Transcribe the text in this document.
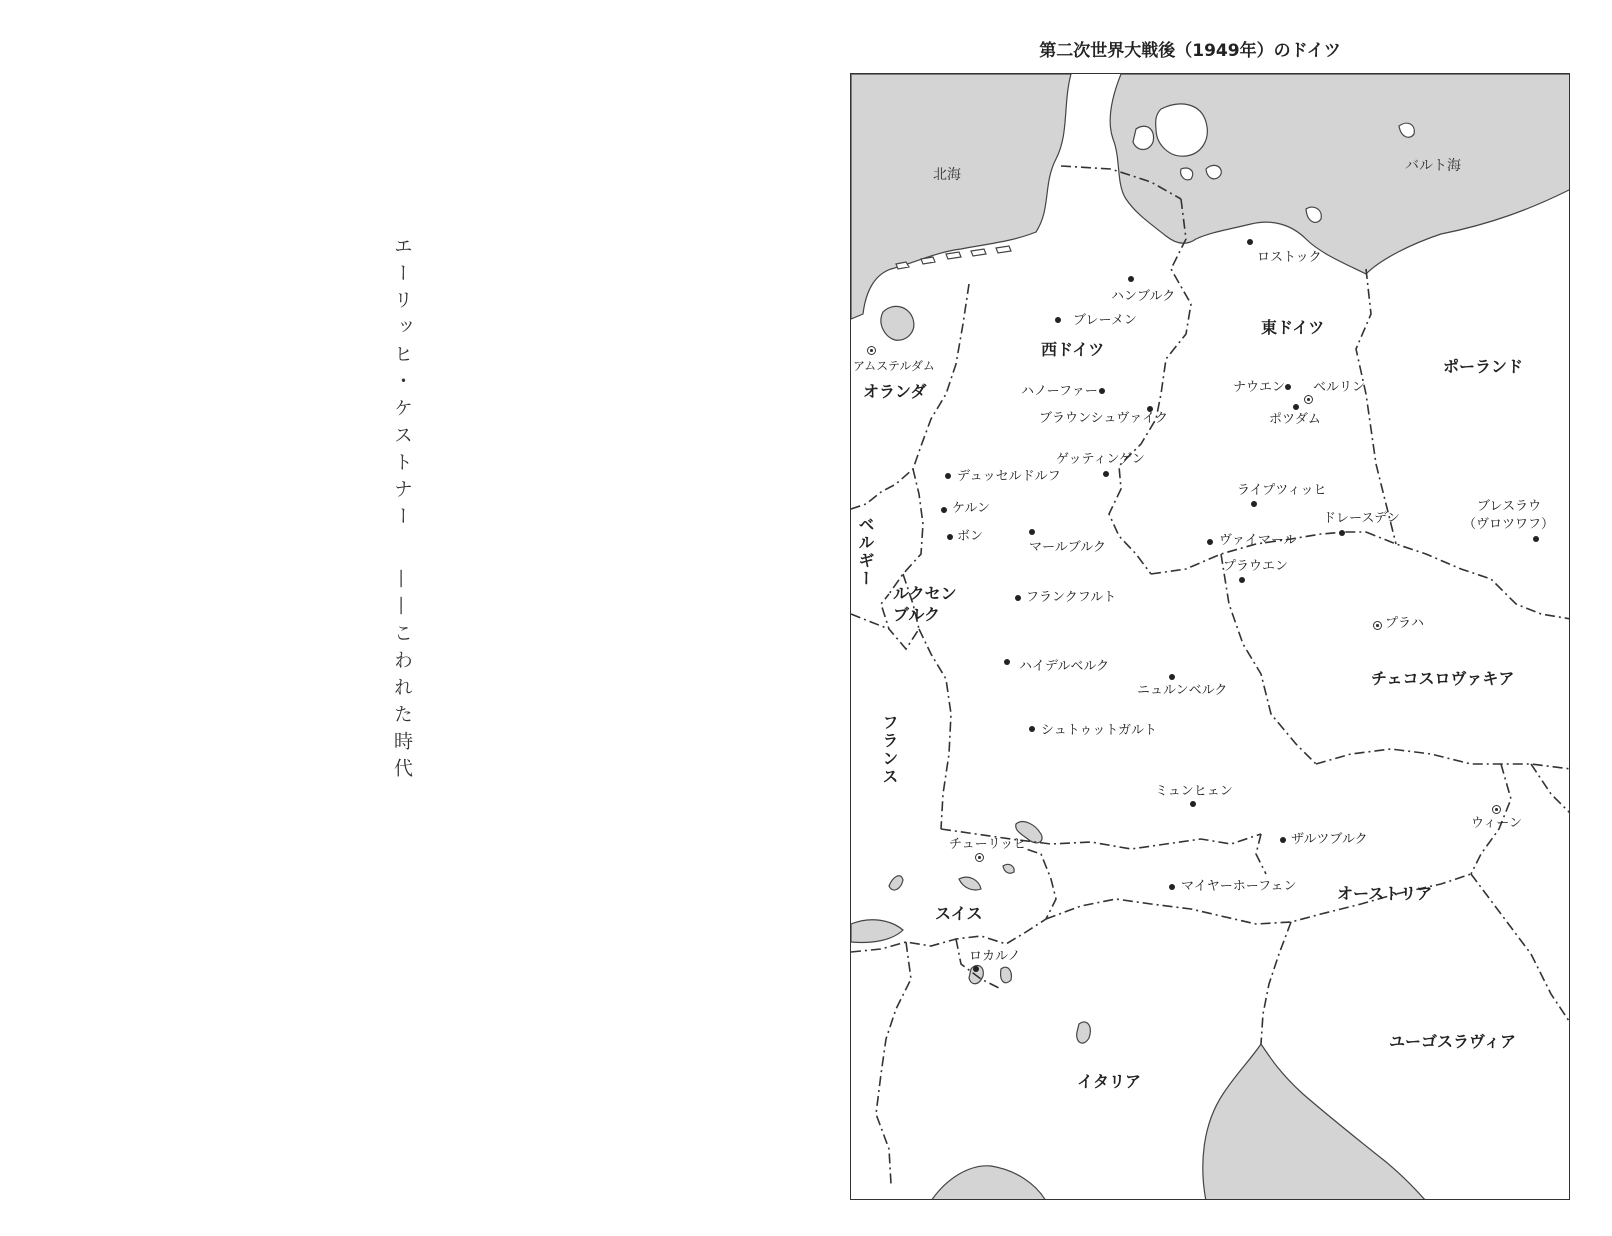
エーリッヒ・ケストナー——こわれた時代
第二次世界大戦後（1949年）のドイツ
北海
バルト海
西ドイツ
東ドイツ
ポーランド
オランダ
ベルギー
ルクセンブルク
フランス
チェコスロヴァキア
オーストリア
スイス
イタリア
ユーゴスラヴィア
ロストック
ハンブルク
ブレーメン
アムステルダム
ハノーファー
ブラウンシュヴァイク
ナウエン ベルリン
ポツダム
ゲッティンゲン
デュッセルドルフ
ケルン
ボン
マールブルク
ライプツィッヒ
ヴァイマール
ドレースデン
プラウエン
ブレスラウ
（ヴロツワフ）
フランクフルト
プラハ
ハイデルベルク
ニュルンベルク
シュトゥットガルト
ミュンヒェン
ウィーン
ザルツブルク
チューリッヒ
マイヤーホーフェン
ロカルノ
